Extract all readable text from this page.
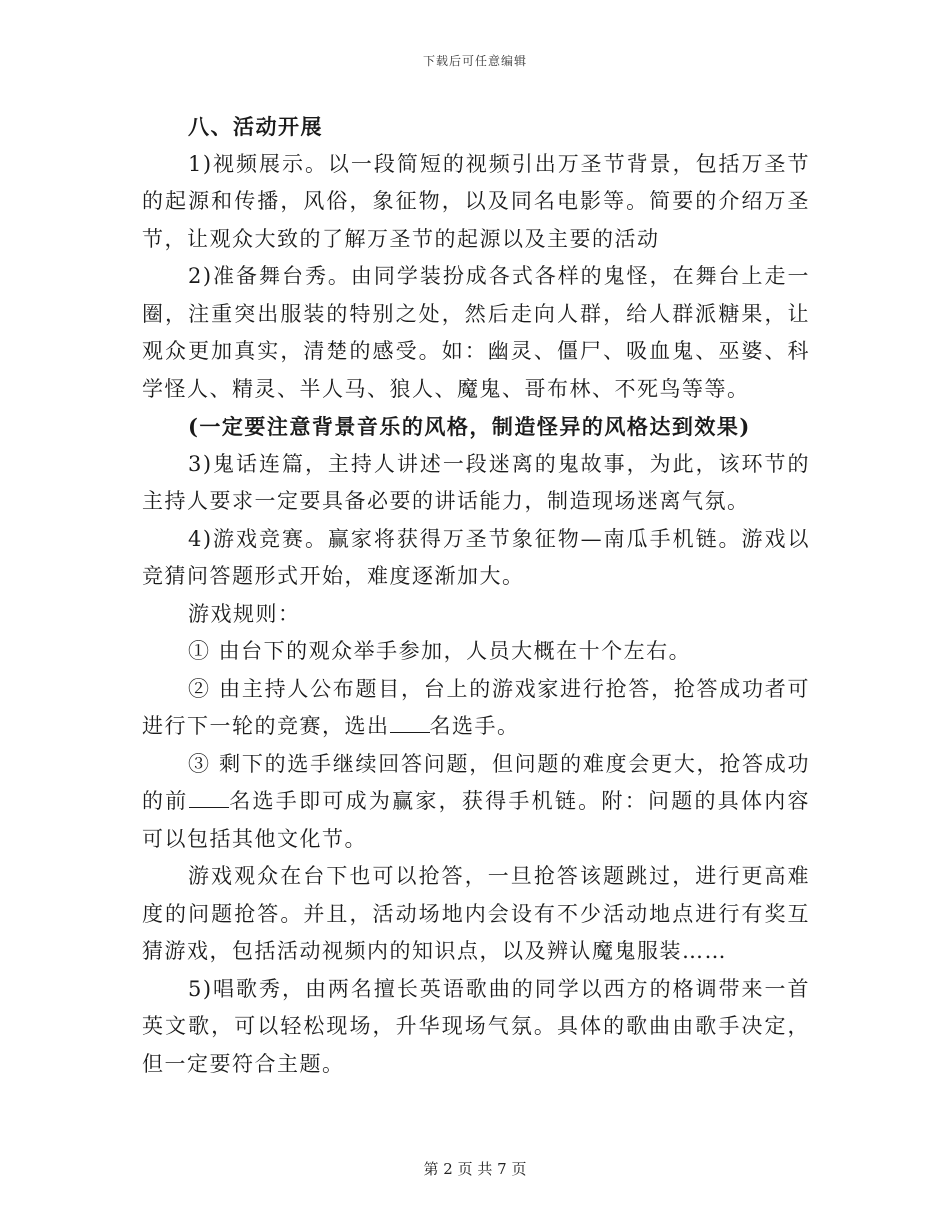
下载后可任意编辑

八、活动开展

1)视频展示。以一段简短的视频引出万圣节背景，包括万圣节的起源和传播，风俗，象征物，以及同名电影等。简要的介绍万圣节，让观众大致的了解万圣节的起源以及主要的活动

2)准备舞台秀。由同学装扮成各式各样的鬼怪，在舞台上走一圈，注重突出服装的特别之处，然后走向人群，给人群派糖果，让观众更加真实，清楚的感受。如：幽灵、僵尸、吸血鬼、巫婆、科学怪人、精灵、半人马、狼人、魔鬼、哥布林、不死鸟等等。

(一定要注意背景音乐的风格，制造怪异的风格达到效果)

3)鬼话连篇，主持人讲述一段迷离的鬼故事，为此，该环节的主持人要求一定要具备必要的讲话能力，制造现场迷离气氛。

4)游戏竞赛。赢家将获得万圣节象征物—南瓜手机链。游戏以竞猜问答题形式开始，难度逐渐加大。

游戏规则：

① 由台下的观众举手参加，人员大概在十个左右。

② 由主持人公布题目，台上的游戏家进行抢答，抢答成功者可进行下一轮的竞赛，选出 名选手。

③ 剩下的选手继续回答问题，但问题的难度会更大，抢答成功的前 名选手即可成为赢家，获得手机链。附：问题的具体内容可以包括其他文化节。

游戏观众在台下也可以抢答，一旦抢答该题跳过，进行更高难度的问题抢答。并且，活动场地内会设有不少活动地点进行有奖互猜游戏，包括活动视频内的知识点，以及辨认魔鬼服装……

5)唱歌秀，由两名擅长英语歌曲的同学以西方的格调带来一首英文歌，可以轻松现场，升华现场气氛。具体的歌曲由歌手决定，但一定要符合主题。

第 2 页 共 7 页
